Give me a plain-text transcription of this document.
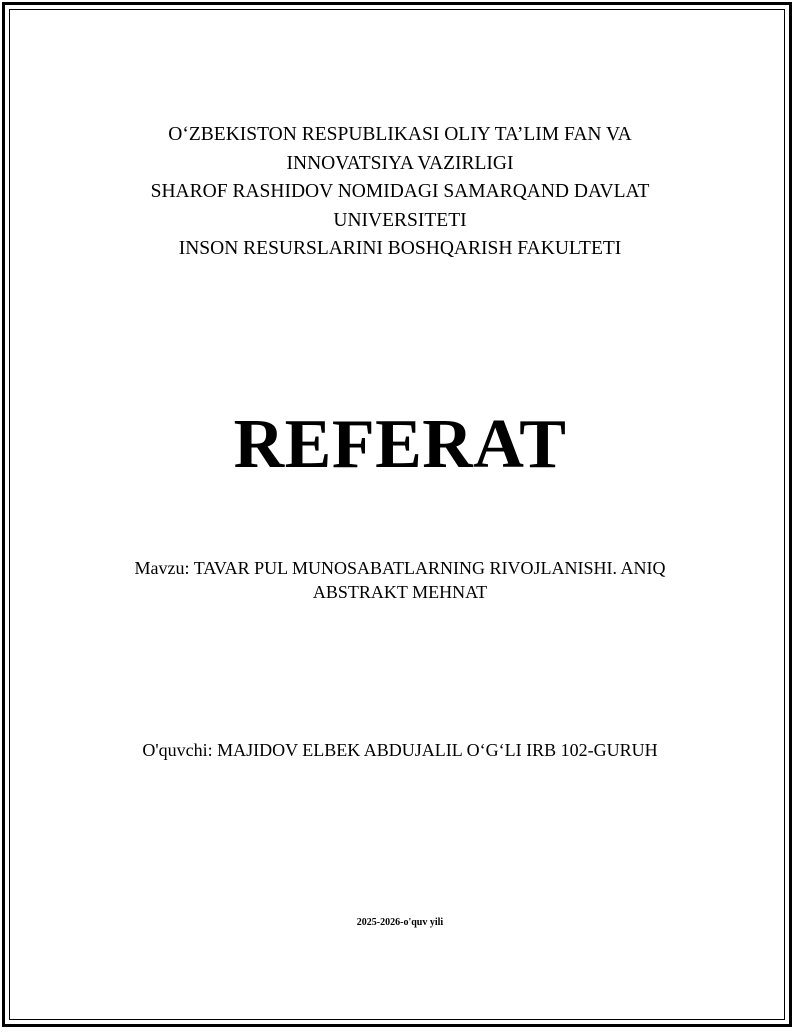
O‘ZBEKISTON RESPUBLIKASI OLIY TA’LIM FAN VA
INNOVATSIYA VAZIRLIGI
SHAROF RASHIDOV NOMIDAGI SAMARQAND DAVLAT
UNIVERSITETI
INSON RESURSLARINI BOSHQARISH FAKULTETI
REFERAT
Mavzu: TAVAR PUL MUNOSABATLARNING RIVOJLANISHI. ANIQ
ABSTRAKT MEHNAT
O'quvchi: MAJIDOV ELBEK ABDUJALIL O‘G‘LI IRB 102-GURUH
2025-2026-o'quv yili
